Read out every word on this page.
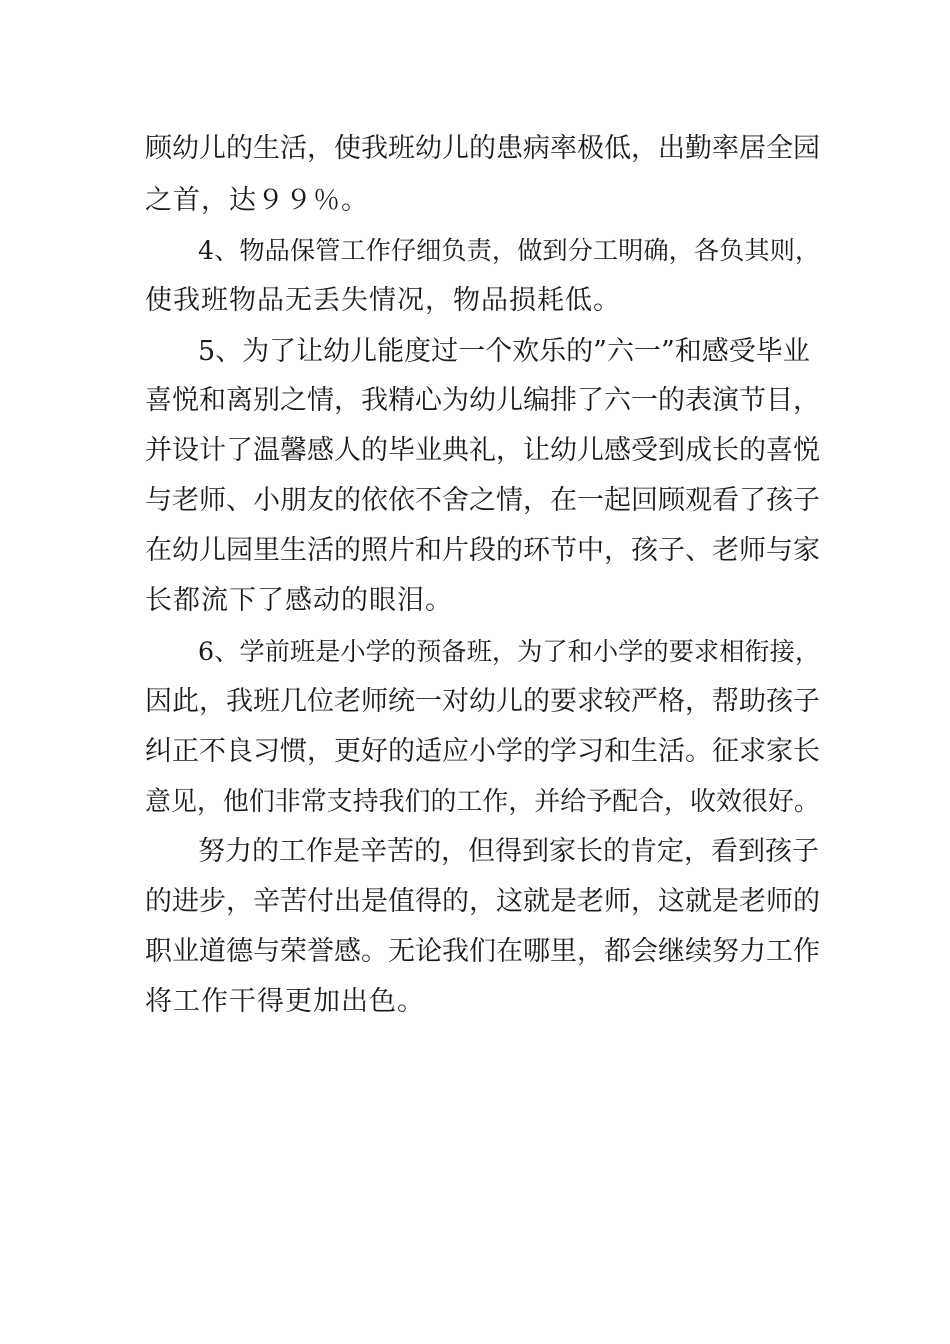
顾幼儿的生活，使我班幼儿的患病率极低，出勤率居全园

之首，达９９％。

4、物品保管工作仔细负责，做到分工明确，各负其则，

使我班物品无丢失情况，物品损耗低。

5、为了让幼儿能度过一个欢乐的”六一”和感受毕业

喜悦和离别之情，我精心为幼儿编排了六一的表演节目，

并设计了温馨感人的毕业典礼，让幼儿感受到成长的喜悦

与老师、小朋友的依依不舍之情，在一起回顾观看了孩子

在幼儿园里生活的照片和片段的环节中，孩子、老师与家

长都流下了感动的眼泪。

6、学前班是小学的预备班，为了和小学的要求相衔接，

因此，我班几位老师统一对幼儿的要求较严格，帮助孩子

纠正不良习惯，更好的适应小学的学习和生活。征求家长

意见，他们非常支持我们的工作，并给予配合，收效很好。

努力的工作是辛苦的，但得到家长的肯定，看到孩子

的进步，辛苦付出是值得的，这就是老师，这就是老师的

职业道德与荣誉感。无论我们在哪里，都会继续努力工作

将工作干得更加出色。
